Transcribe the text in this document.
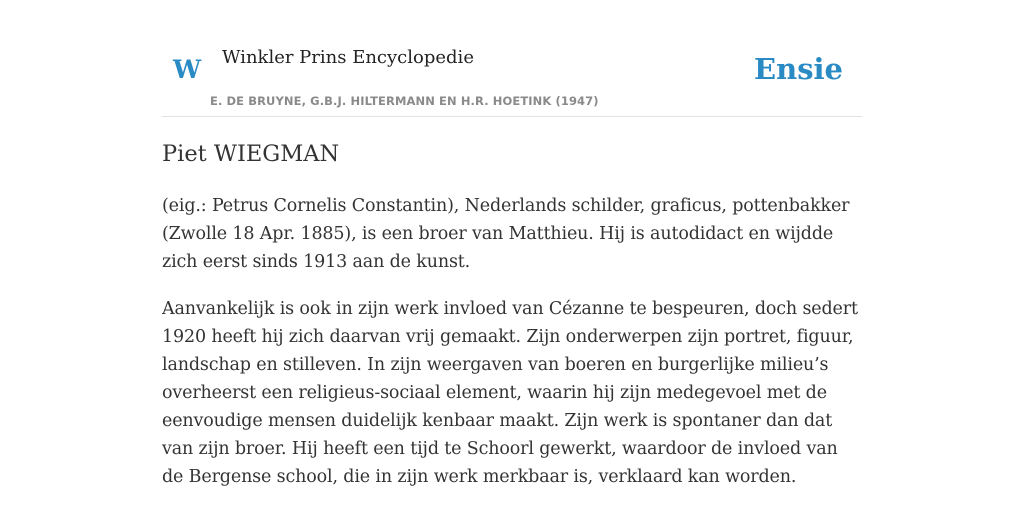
W Winkler Prins Encyclopedie
E. DE BRUYNE, G.B.J. HILTERMANN EN H.R. HOETINK (1947)
Ensie
Piet WIEGMAN

(eig.: Petrus Cornelis Constantin), Nederlands schilder, graficus, pottenbakker (Zwolle 18 Apr. 1885), is een broer van Matthieu. Hij is autodidact en wijdde zich eerst sinds 1913 aan de kunst.

Aanvankelijk is ook in zijn werk invloed van Cézanne te bespeuren, doch sedert 1920 heeft hij zich daarvan vrij gemaakt. Zijn onderwerpen zijn portret, figuur, landschap en stilleven. In zijn weergaven van boeren en burgerlijke milieu’s overheerst een religieus-sociaal element, waarin hij zijn medegevoel met de eenvoudige mensen duidelijk kenbaar maakt. Zijn werk is spontaner dan dat van zijn broer. Hij heeft een tijd te Schoorl gewerkt, waardoor de invloed van de Bergense school, die in zijn werk merkbaar is, verklaard kan worden.
